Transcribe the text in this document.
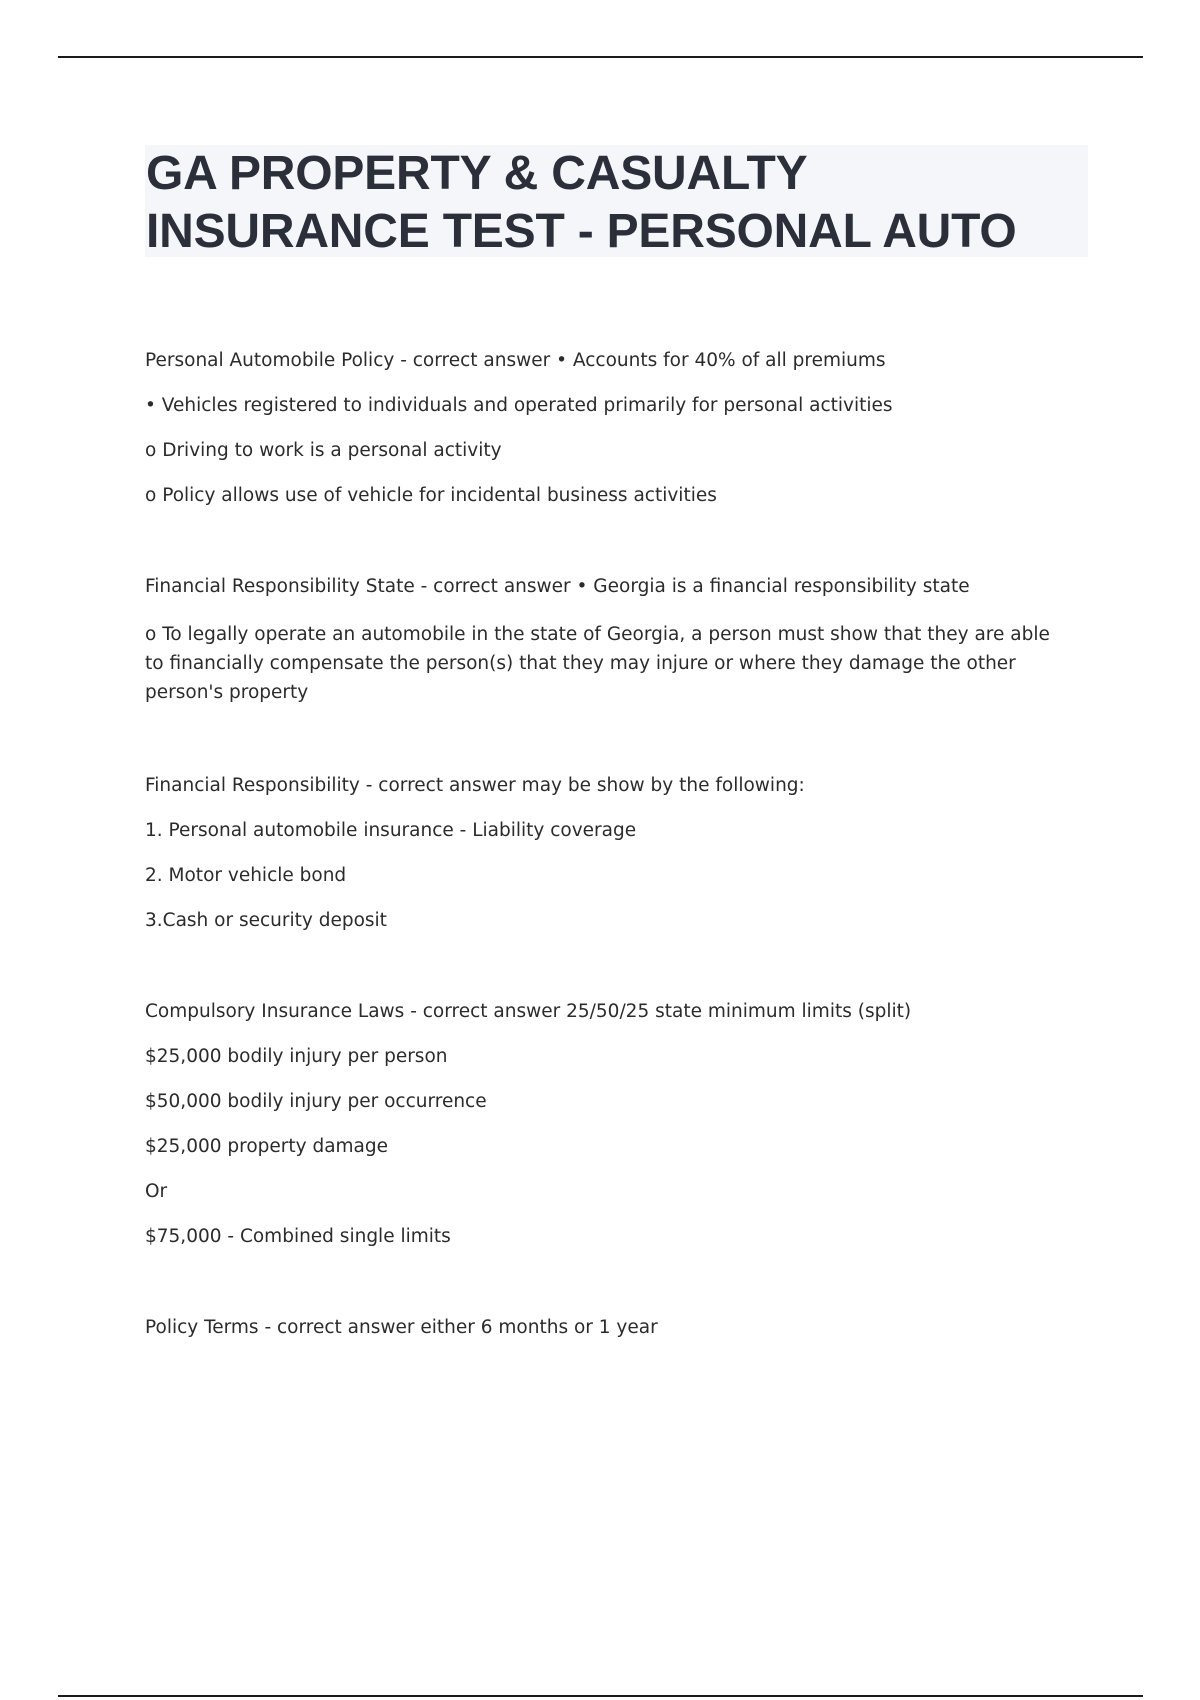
GA PROPERTY & CASUALTY
INSURANCE TEST - PERSONAL AUTO

Personal Automobile Policy - correct answer • Accounts for 40% of all premiums

• Vehicles registered to individuals and operated primarily for personal activities

o Driving to work is a personal activity

o Policy allows use of vehicle for incidental business activities

Financial Responsibility State - correct answer • Georgia is a financial responsibility state

o To legally operate an automobile in the state of Georgia, a person must show that they are able to financially compensate the person(s) that they may injure or where they damage the other person's property

Financial Responsibility - correct answer may be show by the following:

1. Personal automobile insurance - Liability coverage

2. Motor vehicle bond

3.Cash or security deposit

Compulsory Insurance Laws - correct answer 25/50/25 state minimum limits (split)

$25,000 bodily injury per person

$50,000 bodily injury per occurrence

$25,000 property damage

Or

$75,000 - Combined single limits

Policy Terms - correct answer either 6 months or 1 year
